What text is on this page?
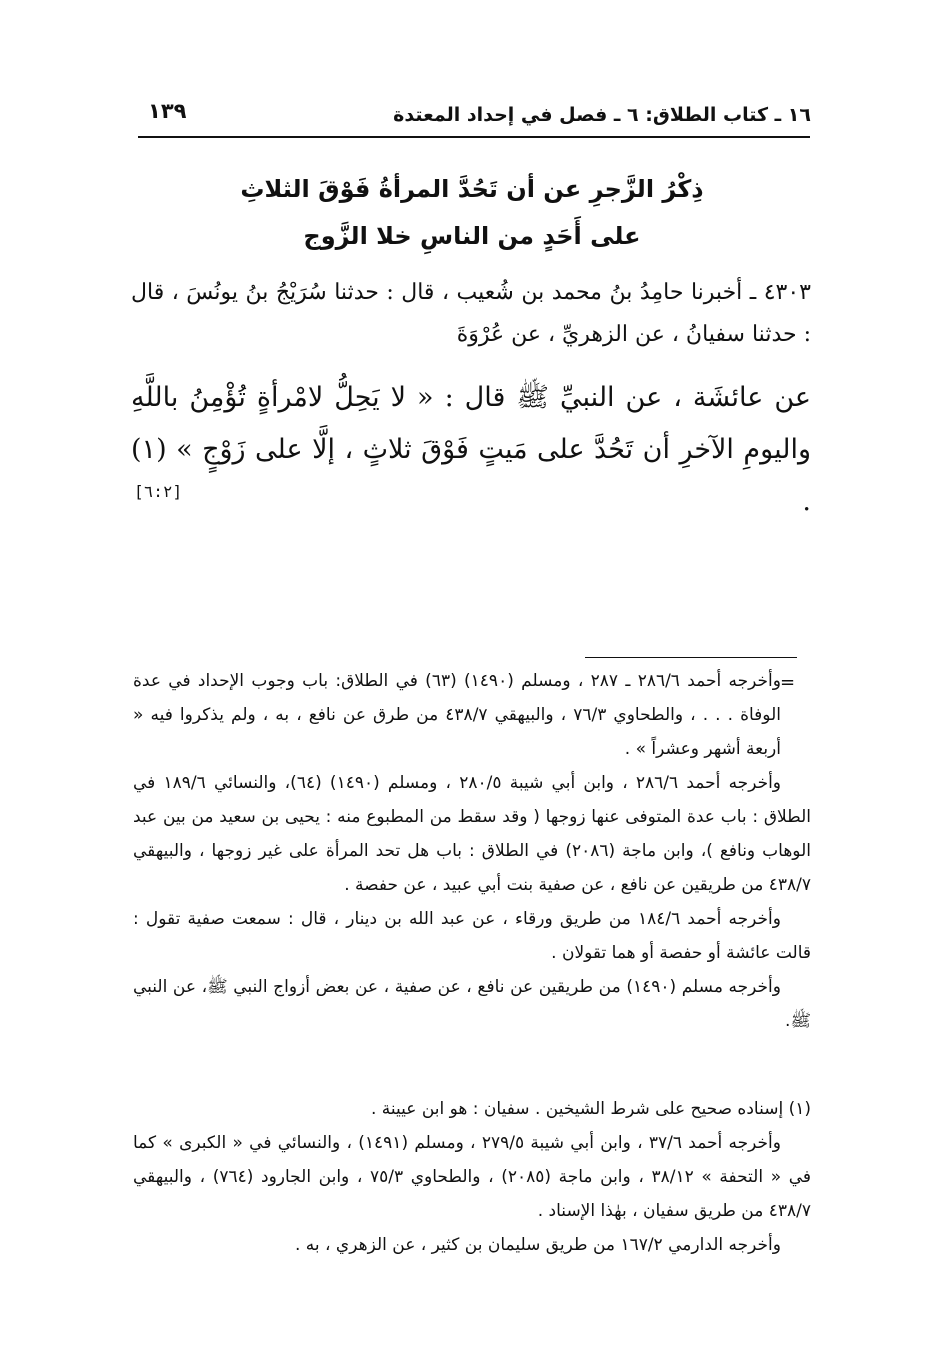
١٦ ـ كتاب الطلاق: ٦ ـ فصل في إحداد المعتدة
١٣٩
ذِكْرُ الزَّجرِ عن أن تَحُدَّ المرأةُ فَوْقَ الثلاثِ
على أَحَدٍ من الناسِ خلا الزَّوج
٤٣٠٣ ـ أخبرنا حامِدُ بنُ محمد بن شُعيب ، قال : حدثنا سُرَيْجُ بنُ يونُسَ ، قال : حدثنا سفيانُ ، عن الزهريِّ ، عن عُرْوَةَ
عن عائشَة ، عن النبيِّ ﷺ قال : « لا يَحِلُّ لامْرأةٍ تُؤْمِنُ باللَّهِ واليومِ الآخرِ أن تَحُدَّ على مَيتٍ فَوْقَ ثلاثٍ ، إلَّا على زَوْجٍ » (١) .
[٦:٢]
=

وأخرجه أحمد ٢٨٦/٦ ـ ٢٨٧ ، ومسلم (١٤٩٠) (٦٣) في الطلاق: باب وجوب الإحداد في عدة الوفاة . . . ، والطحاوي ٧٦/٣ ، والبيهقي ٤٣٨/٧ من طرق عن نافع ، به ، ولم يذكروا فيه « أربعة أشهر وعشراً » .

وأخرجه أحمد ٢٨٦/٦ ، وابن أبي شيبة ٢٨٠/٥ ، ومسلم (١٤٩٠) (٦٤)، والنسائي ١٨٩/٦ في الطلاق : باب عدة المتوفى عنها زوجها ( وقد سقط من المطبوع منه : يحيى بن سعيد من بين عبد الوهاب ونافع )، وابن ماجة (٢٠٨٦) في الطلاق : باب هل تحد المرأة على غير زوجها ، والبيهقي ٤٣٨/٧ من طريقين عن نافع ، عن صفية بنت أبي عبيد ، عن حفصة .

وأخرجه أحمد ١٨٤/٦ من طريق ورقاء ، عن عبد الله بن دينار ، قال : سمعت صفية تقول : قالت عائشة أو حفصة أو هما تقولان .

وأخرجه مسلم (١٤٩٠) من طريقين عن نافع ، عن صفية ، عن بعض أزواج النبي ﷺ، عن النبي ﷺ.

(١) إسناده صحيح على شرط الشيخين . سفيان : هو ابن عيينة .

وأخرجه أحمد ٣٧/٦ ، وابن أبي شيبة ٢٧٩/٥ ، ومسلم (١٤٩١) ، والنسائي في « الكبرى » كما في « التحفة » ٣٨/١٢ ، وابن ماجة (٢٠٨٥) ، والطحاوي ٧٥/٣ ، وابن الجارود (٧٦٤) ، والبيهقي ٤٣٨/٧ من طريق سفيان ، بهٰذا الإسناد .

وأخرجه الدارمي ١٦٧/٢ من طريق سليمان بن كثير ، عن الزهري ، به .
